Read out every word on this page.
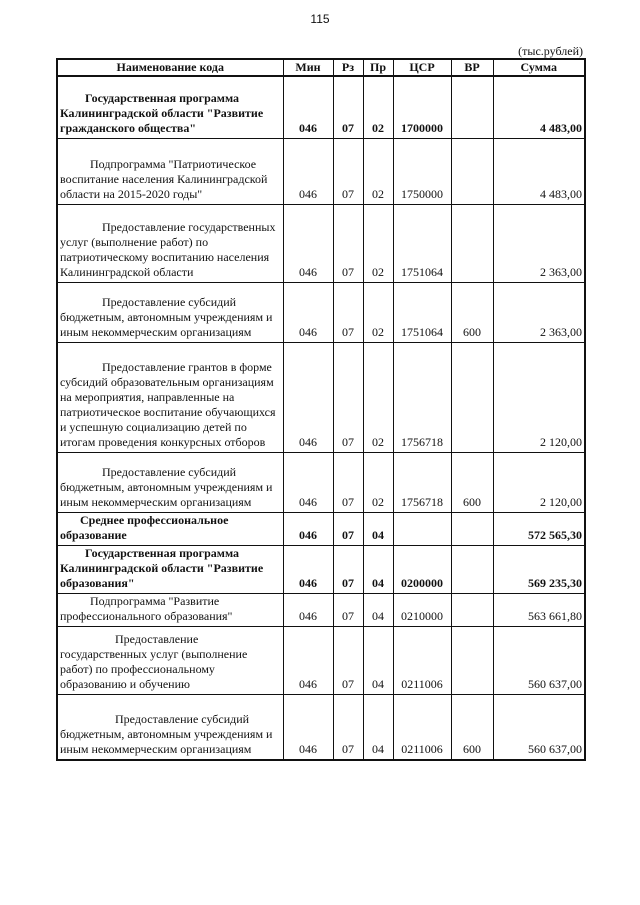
115
(тыс.рублей)
Наименование кода	Мин	Рз	Пр	ЦСР	ВР	Сумма
Государственная программа Калининградской области "Развитие гражданского общества"	046	07	02	1700000		4 483,00
Подпрограмма "Патриотическое воспитание населения Калининградской области на 2015-2020 годы"	046	07	02	1750000		4 483,00
Предоставление государственных услуг (выполнение работ) по патриотическому воспитанию населения Калининградской области	046	07	02	1751064		2 363,00
Предоставление субсидий бюджетным, автономным учреждениям и иным некоммерческим организациям	046	07	02	1751064	600	2 363,00
Предоставление грантов в форме субсидий образовательным организациям на мероприятия, направленные на патриотическое воспитание обучающихся и успешную социализацию детей по итогам проведения конкурсных отборов	046	07	02	1756718		2 120,00
Предоставление субсидий бюджетным, автономным учреждениям и иным некоммерческим организациям	046	07	02	1756718	600	2 120,00
Среднее профессиональное образование	046	07	04			572 565,30
Государственная программа Калининградской области "Развитие образования"	046	07	04	0200000		569 235,30
Подпрограмма "Развитие профессионального образования"	046	07	04	0210000		563 661,80
Предоставление государственных услуг (выполнение работ) по профессиональному образованию и обучению	046	07	04	0211006		560 637,00
Предоставление субсидий бюджетным, автономным учреждениям и иным некоммерческим организациям	046	07	04	0211006	600	560 637,00
